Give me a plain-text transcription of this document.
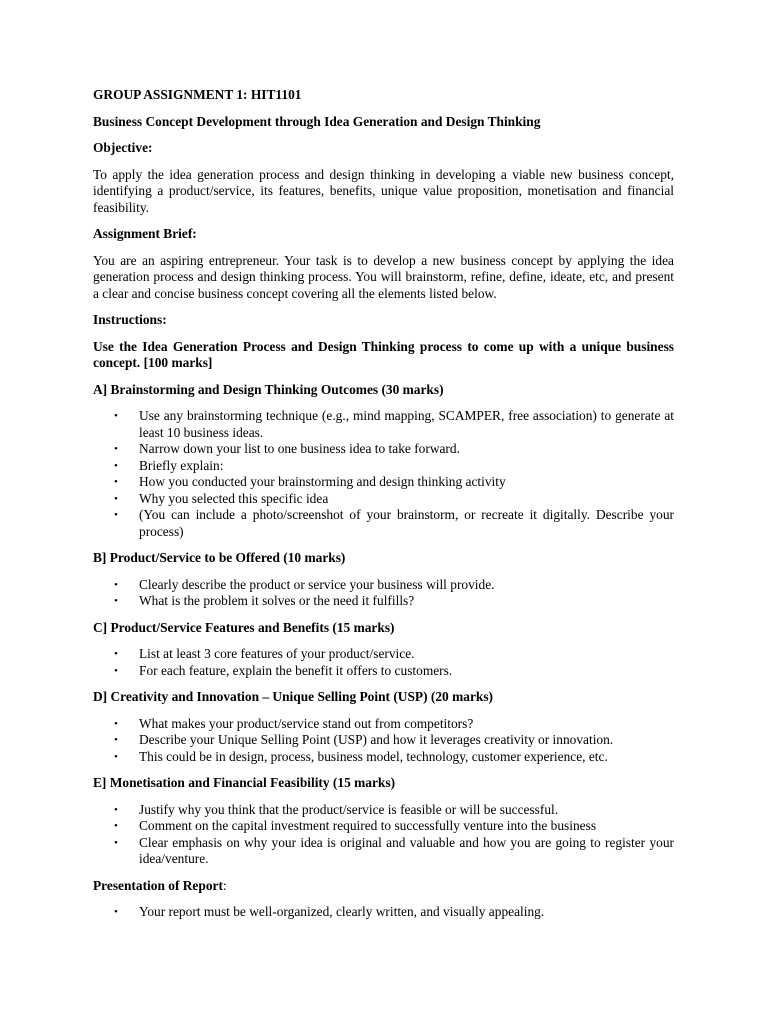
GROUP ASSIGNMENT 1: HIT1101

Business Concept Development through Idea Generation and Design Thinking

Objective:

To apply the idea generation process and design thinking in developing a viable new business concept, identifying a product/service, its features, benefits, unique value proposition, monetisation and financial feasibility.

Assignment Brief:

You are an aspiring entrepreneur. Your task is to develop a new business concept by applying the idea generation process and design thinking process. You will brainstorm, refine, define, ideate, etc, and present a clear and concise business concept covering all the elements listed below.

Instructions:

Use the Idea Generation Process and Design Thinking process to come up with a unique business concept. [100 marks]

A] Brainstorming and Design Thinking Outcomes (30 marks)

• Use any brainstorming technique (e.g., mind mapping, SCAMPER, free association) to generate at least 10 business ideas.
• Narrow down your list to one business idea to take forward.
• Briefly explain:
• How you conducted your brainstorming and design thinking activity
• Why you selected this specific idea
• (You can include a photo/screenshot of your brainstorm, or recreate it digitally. Describe your process)

B] Product/Service to be Offered (10 marks)

• Clearly describe the product or service your business will provide.
• What is the problem it solves or the need it fulfills?

C] Product/Service Features and Benefits (15 marks)

• List at least 3 core features of your product/service.
• For each feature, explain the benefit it offers to customers.

D] Creativity and Innovation – Unique Selling Point (USP) (20 marks)

• What makes your product/service stand out from competitors?
• Describe your Unique Selling Point (USP) and how it leverages creativity or innovation.
• This could be in design, process, business model, technology, customer experience, etc.

E] Monetisation and Financial Feasibility (15 marks)

• Justify why you think that the product/service is feasible or will be successful.
• Comment on the capital investment required to successfully venture into the business
• Clear emphasis on why your idea is original and valuable and how you are going to register your idea/venture.

Presentation of Report:

• Your report must be well-organized, clearly written, and visually appealing.
